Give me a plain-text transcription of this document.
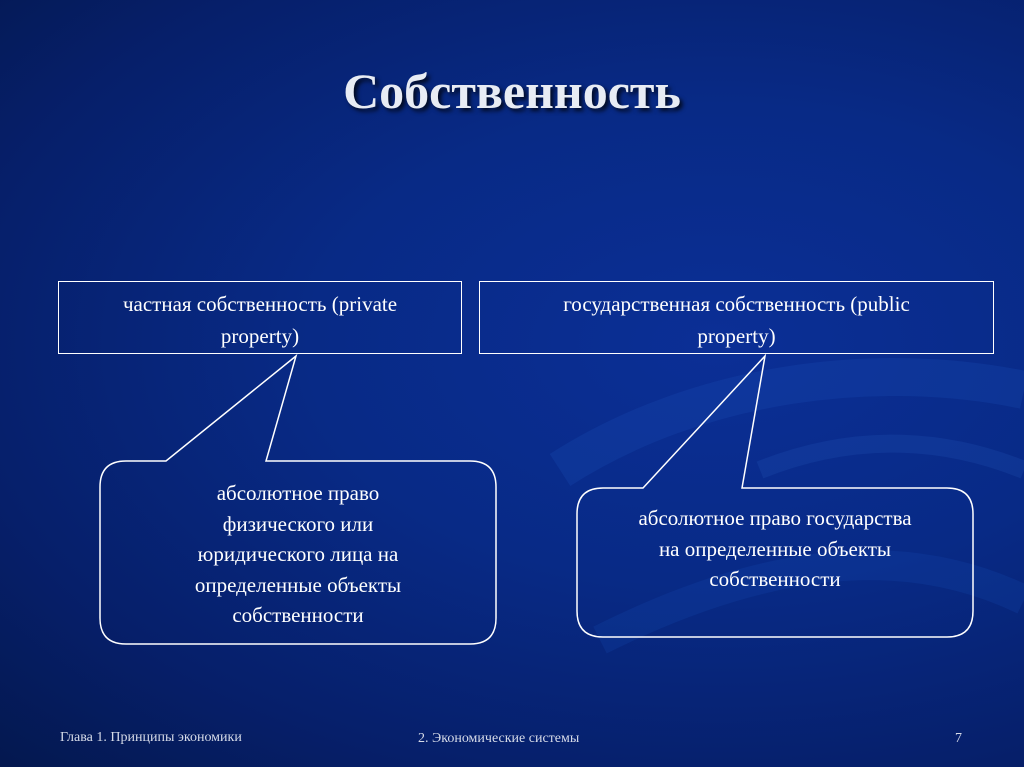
Собственность
частная собственность (private
property)
государственная собственность (public
property)
абсолютное право
физического или
юридического лица на
определенные объекты
собственности
абсолютное право государства
на определенные объекты
собственности
Глава 1. Принципы экономики	2. Экономические системы	7
